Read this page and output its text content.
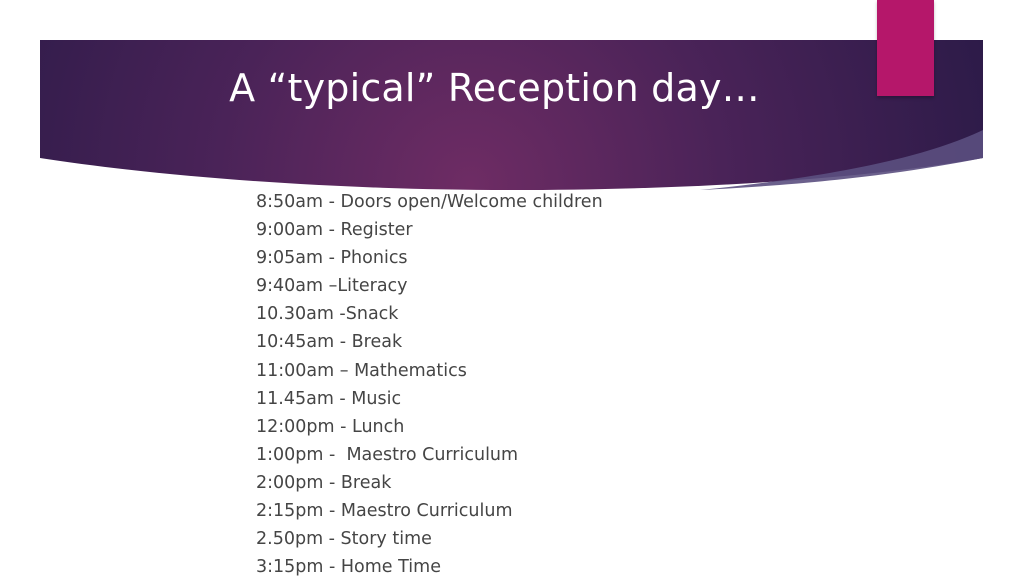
A “typical” Reception day…
8:50am - Doors open/Welcome children
9:00am - Register
9:05am - Phonics
9:40am –Literacy
10.30am -Snack
10:45am - Break
11:00am – Mathematics
11.45am - Music
12:00pm - Lunch
1:00pm -  Maestro Curriculum
2:00pm - Break
2:15pm - Maestro Curriculum
2.50pm - Story time
3:15pm - Home Time
